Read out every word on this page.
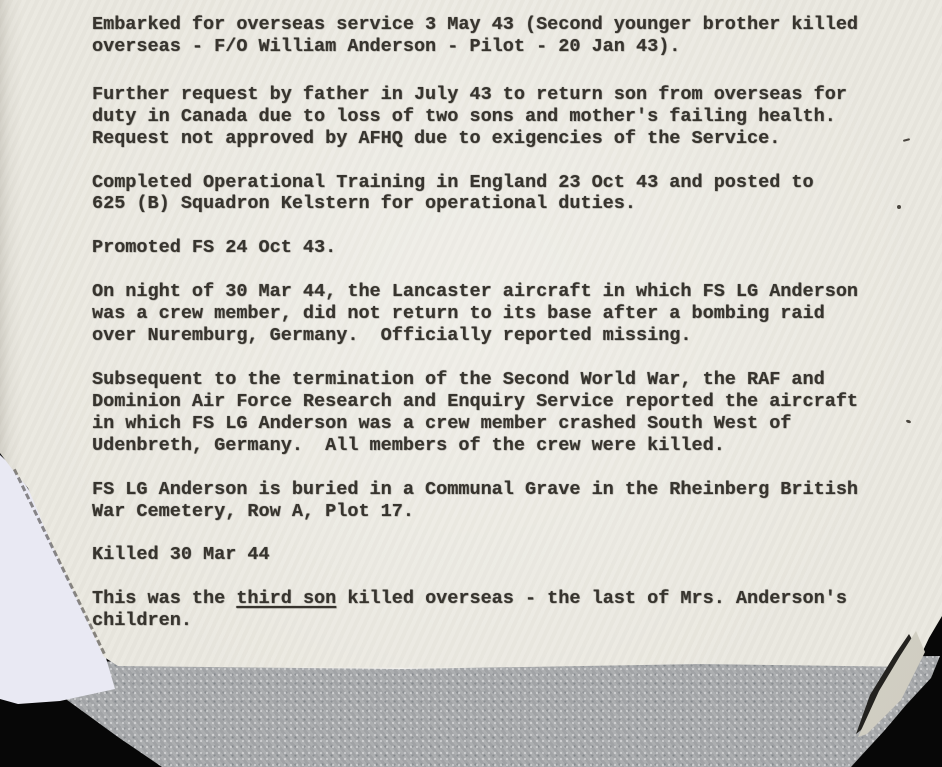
Embarked for overseas service 3 May 43 (Second younger brother killed
overseas - F/O William Anderson - Pilot - 20 Jan 43).

Further request by father in July 43 to return son from overseas for
duty in Canada due to loss of two sons and mother's failing health.
Request not approved by AFHQ due to exigencies of the Service.

Completed Operational Training in England 23 Oct 43 and posted to
625 (B) Squadron Kelstern for operational duties.

Promoted FS 24 Oct 43.

On night of 30 Mar 44, the Lancaster aircraft in which FS LG Anderson
was a crew member, did not return to its base after a bombing raid
over Nuremburg, Germany.  Officially reported missing.

Subsequent to the termination of the Second World War, the RAF and
Dominion Air Force Research and Enquiry Service reported the aircraft
in which FS LG Anderson was a crew member crashed South West of
Udenbreth, Germany.  All members of the crew were killed.

FS LG Anderson is buried in a Communal Grave in the Rheinberg British
War Cemetery, Row A, Plot 17.

Killed 30 Mar 44

This was the third son killed overseas - the last of Mrs. Anderson's
children.
